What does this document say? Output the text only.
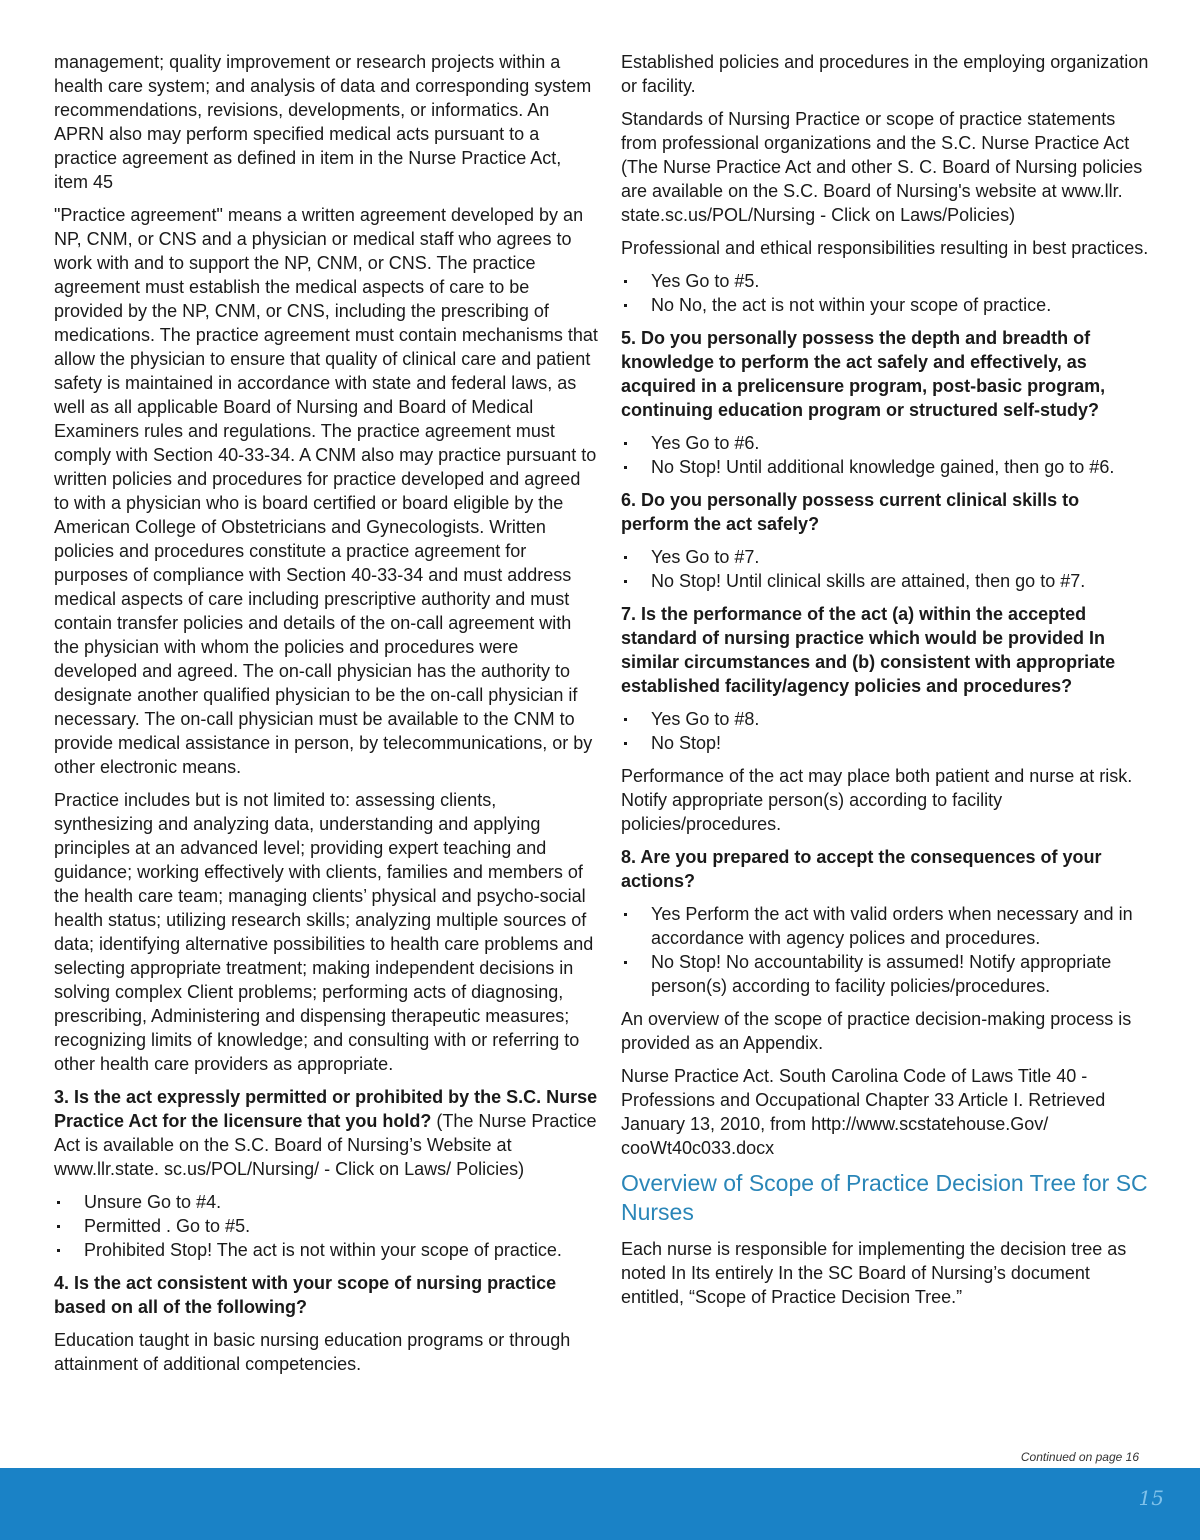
management; quality improvement or research projects within a health care system; and analysis of data and corresponding system recommendations, revisions, developments, or informatics. An APRN also may perform specified medical acts pursuant to a practice agreement as defined in item in the Nurse Practice Act, item 45

"Practice agreement" means a written agreement developed by an NP, CNM, or CNS and a physician or medical staff who agrees to work with and to support the NP, CNM, or CNS. The practice agreement must establish the medical aspects of care to be provided by the NP, CNM, or CNS, including the prescribing of medications. The practice agreement must contain mechanisms that allow the physician to ensure that quality of clinical care and patient safety is maintained in accordance with state and federal laws, as well as all applicable Board of Nursing and Board of Medical Examiners rules and regulations. The practice agreement must comply with Section 40-33-34. A CNM also may practice pursuant to written policies and procedures for practice developed and agreed to with a physician who is board certified or board eligible by the American College of Obstetricians and Gynecologists. Written policies and procedures constitute a practice agreement for purposes of compliance with Section 40-33-34 and must address medical aspects of care including prescriptive authority and must contain transfer policies and details of the on-call agreement with the physician with whom the policies and procedures were developed and agreed. The on-call physician has the authority to designate another qualified physician to be the on-call physician if necessary. The on-call physician must be available to the CNM to provide medical assistance in person, by telecommunications, or by other electronic means.

Practice includes but is not limited to: assessing clients, synthesizing and analyzing data, understanding and applying principles at an advanced level; providing expert teaching and guidance; working effectively with clients, families and members of the health care team; managing clients’ physical and psycho-social health status; utilizing research skills; analyzing multiple sources of data; identifying alternative possibilities to health care problems and selecting appropriate treatment; making independent decisions in solving complex Client problems; performing acts of diagnosing, prescribing, Administering and dispensing therapeutic measures; recognizing limits of knowledge; and consulting with or referring to other health care providers as appropriate.

3. Is the act expressly permitted or prohibited by the S.C. Nurse Practice Act for the licensure that you hold? (The Nurse Practice Act is available on the S.C. Board of Nursing’s Website at www.llr.state. sc.us/POL/Nursing/ - Click on Laws/ Policies)

Unsure Go to #4.
Permitted . Go to #5.
Prohibited Stop! The act is not within your scope of practice.

4. Is the act consistent with your scope of nursing practice based on all of the following?

Education taught in basic nursing education programs or through attainment of additional competencies.

Established policies and procedures in the employing organization or facility.

Standards of Nursing Practice or scope of practice statements from professional organizations and the S.C. Nurse Practice Act (The Nurse Practice Act and other S. C. Board of Nursing policies are available on the S.C. Board of Nursing's website at www.llr. state.sc.us/POL/Nursing - Click on Laws/Policies)

Professional and ethical responsibilities resulting in best practices.

Yes Go to #5.
No No, the act is not within your scope of practice.

5. Do you personally possess the depth and breadth of knowledge to perform the act safely and effectively, as acquired in a prelicensure program, post-basic program, continuing education program or structured self-study?

Yes Go to #6.
No Stop! Until additional knowledge gained, then go to #6.

6. Do you personally possess current clinical skills to perform the act safely?

Yes Go to #7.
No Stop! Until clinical skills are attained, then go to #7.

7. Is the performance of the act (a) within the accepted standard of nursing practice which would be provided In similar circumstances and (b) consistent with appropriate established facility/agency policies and procedures?

Yes Go to #8.
No Stop!

Performance of the act may place both patient and nurse at risk. Notify appropriate person(s) according to facility policies/procedures.

8. Are you prepared to accept the consequences of your actions?

Yes Perform the act with valid orders when necessary and in accordance with agency polices and procedures.
No Stop! No accountability is assumed! Notify appropriate person(s) according to facility policies/procedures.

An overview of the scope of practice decision-making process is provided as an Appendix.

Nurse Practice Act. South Carolina Code of Laws Title 40 - Professions and Occupational Chapter 33 Article I. Retrieved January 13, 2010, from http://www.scstatehouse.Gov/ cooWt40c033.docx

Overview of Scope of Practice Decision Tree for SC Nurses

Each nurse is responsible for implementing the decision tree as noted In Its entirely In the SC Board of Nursing’s document entitled, “Scope of Practice Decision Tree.”

Continued on page 16
15
